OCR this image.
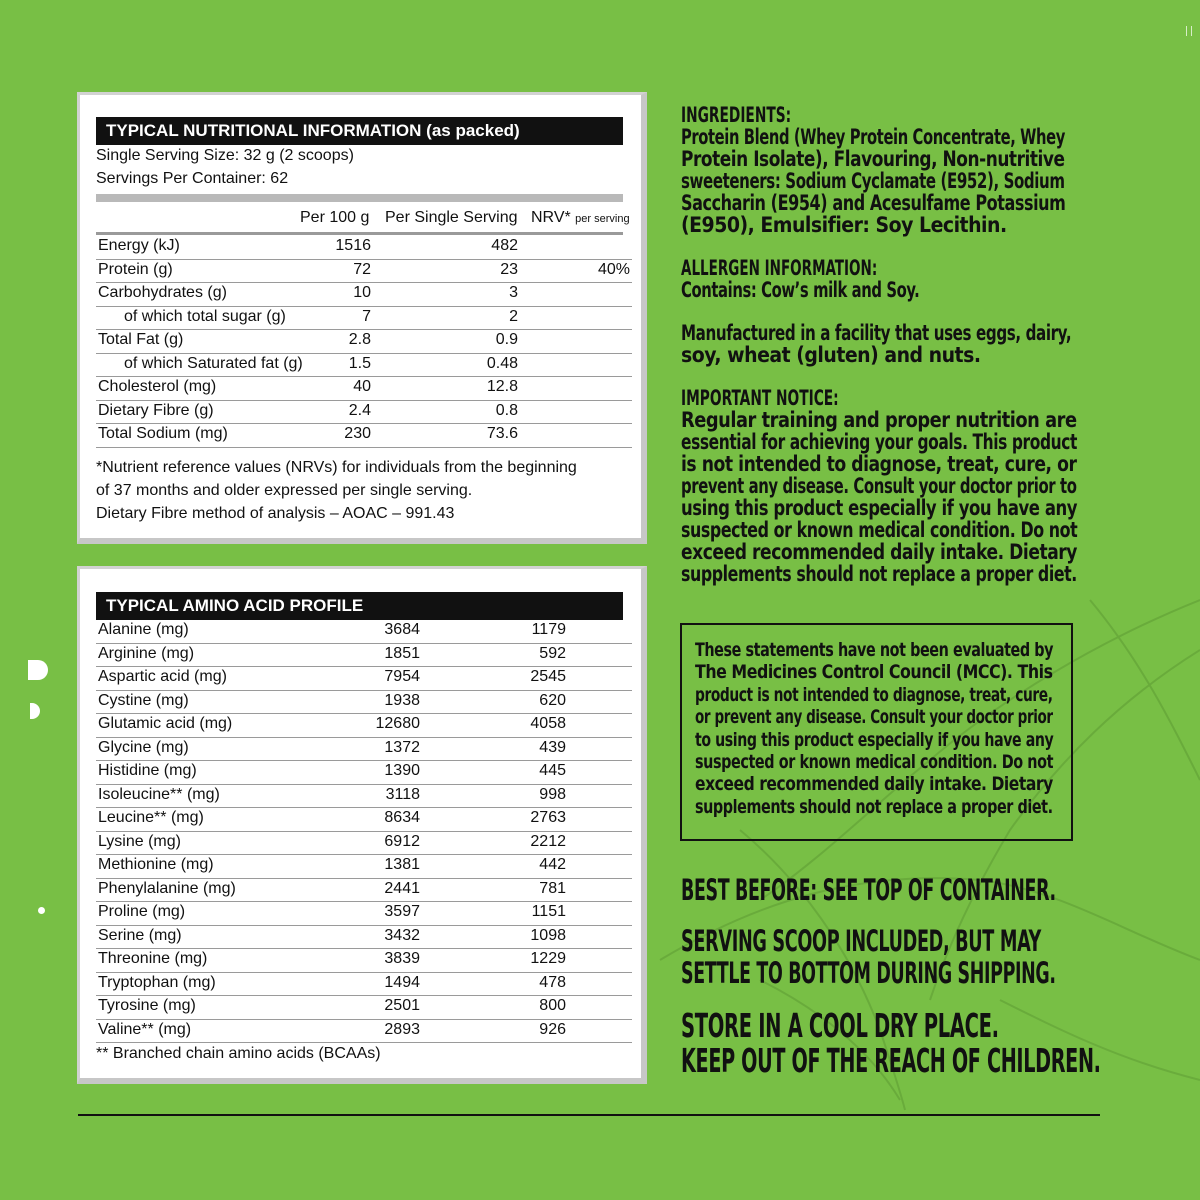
TYPICAL NUTRITIONAL INFORMATION (as packed)
Single Serving Size: 32 g (2 scoops)
Servings Per Container: 62
Per 100 g Per Single Serving NRV* per serving
Energy (kJ)	1516	482
Protein (g)	72	23	40%
Carbohydrates (g)	10	3
of which total sugar (g)	7	2
Total Fat (g)	2.8	0.9
of which Saturated fat (g)	1.5	0.48
Cholesterol (mg)	40	12.8
Dietary Fibre (g)	2.4	0.8
Total Sodium (mg)	230	73.6
*Nutrient reference values (NRVs) for individuals from the beginning
of 37 months and older expressed per single serving.
Dietary Fibre method of analysis – AOAC – 991.43
TYPICAL AMINO ACID PROFILE
Alanine (mg)	3684	1179
Arginine (mg)	1851	592
Aspartic acid (mg)	7954	2545
Cystine (mg)	1938	620
Glutamic acid (mg)	12680	4058
Glycine (mg)	1372	439
Histidine (mg)	1390	445
Isoleucine** (mg)	3118	998
Leucine** (mg)	8634	2763
Lysine (mg)	6912	2212
Methionine (mg)	1381	442
Phenylalanine (mg)	2441	781
Proline (mg)	3597	1151
Serine (mg)	3432	1098
Threonine (mg)	3839	1229
Tryptophan (mg)	1494	478
Tyrosine (mg)	2501	800
Valine** (mg)	2893	926
** Branched chain amino acids (BCAAs)
INGREDIENTS:
Protein Blend (Whey Protein Concentrate, Whey
Protein Isolate), Flavouring, Non-nutritive
sweeteners: Sodium Cyclamate (E952), Sodium
Saccharin (E954) and Acesulfame Potassium
(E950), Emulsifier: Soy Lecithin.
ALLERGEN INFORMATION:
Contains: Cow’s milk and Soy.
Manufactured in a facility that uses eggs, dairy,
soy, wheat (gluten) and nuts.
IMPORTANT NOTICE:
Regular training and proper nutrition are
essential for achieving your goals. This product
is not intended to diagnose, treat, cure, or
prevent any disease. Consult your doctor prior to
using this product especially if you have any
suspected or known medical condition. Do not
exceed recommended daily intake. Dietary
supplements should not replace a proper diet.
These statements have not been evaluated by
The Medicines Control Council (MCC). This
product is not intended to diagnose, treat, cure,
or prevent any disease. Consult your doctor prior
to using this product especially if you have any
suspected or known medical condition. Do not
exceed recommended daily intake. Dietary
supplements should not replace a proper diet.
BEST BEFORE: SEE TOP OF CONTAINER.
SERVING SCOOP INCLUDED, BUT MAY
SETTLE TO BOTTOM DURING SHIPPING.
STORE IN A COOL DRY PLACE.
KEEP OUT OF THE REACH OF CHILDREN.
